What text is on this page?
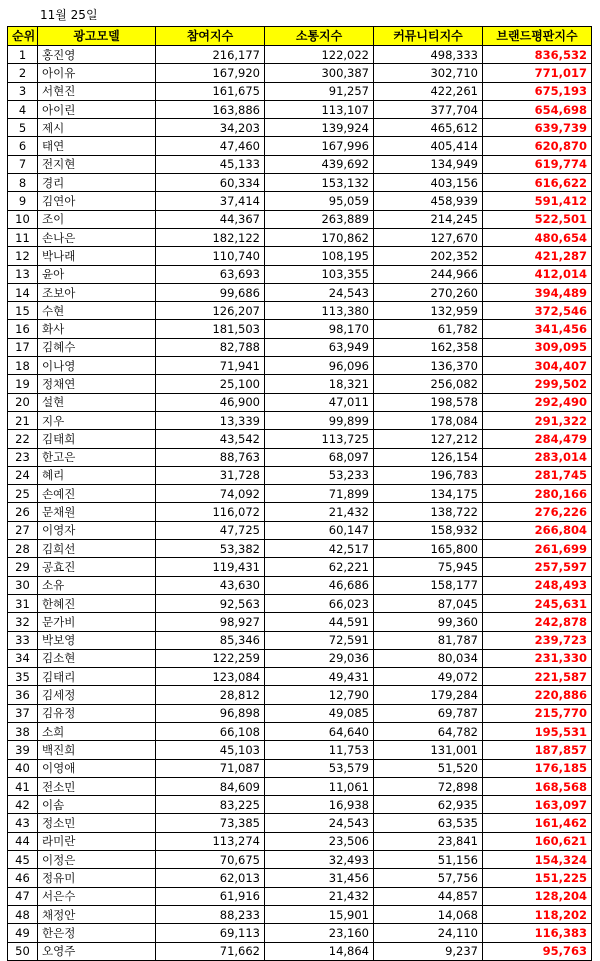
11월 25일
순위	광고모델	참여지수	소통지수	커뮤니티지수	브랜드평판지수
1	홍진영	216,177	122,022	498,333	836,532
2	아이유	167,920	300,387	302,710	771,017
3	서현진	161,675	91,257	422,261	675,193
4	아이린	163,886	113,107	377,704	654,698
5	제시	34,203	139,924	465,612	639,739
6	태연	47,460	167,996	405,414	620,870
7	전지현	45,133	439,692	134,949	619,774
8	경리	60,334	153,132	403,156	616,622
9	김연아	37,414	95,059	458,939	591,412
10	조이	44,367	263,889	214,245	522,501
11	손나은	182,122	170,862	127,670	480,654
12	박나래	110,740	108,195	202,352	421,287
13	윤아	63,693	103,355	244,966	412,014
14	조보아	99,686	24,543	270,260	394,489
15	수현	126,207	113,380	132,959	372,546
16	화사	181,503	98,170	61,782	341,456
17	김혜수	82,788	63,949	162,358	309,095
18	이나영	71,941	96,096	136,370	304,407
19	정채연	25,100	18,321	256,082	299,502
20	설현	46,900	47,011	198,578	292,490
21	지우	13,339	99,899	178,084	291,322
22	김태희	43,542	113,725	127,212	284,479
23	한고은	88,763	68,097	126,154	283,014
24	혜리	31,728	53,233	196,783	281,745
25	손예진	74,092	71,899	134,175	280,166
26	문채원	116,072	21,432	138,722	276,226
27	이영자	47,725	60,147	158,932	266,804
28	김희선	53,382	42,517	165,800	261,699
29	공효진	119,431	62,221	75,945	257,597
30	소유	43,630	46,686	158,177	248,493
31	한혜진	92,563	66,023	87,045	245,631
32	문가비	98,927	44,591	99,360	242,878
33	박보영	85,346	72,591	81,787	239,723
34	김소현	122,259	29,036	80,034	231,330
35	김태리	123,084	49,431	49,072	221,587
36	김세정	28,812	12,790	179,284	220,886
37	김유정	96,898	49,085	69,787	215,770
38	소희	66,108	64,640	64,782	195,531
39	백진희	45,103	11,753	131,001	187,857
40	이영애	71,087	53,579	51,520	176,185
41	전소민	84,609	11,061	72,898	168,568
42	이솜	83,225	16,938	62,935	163,097
43	정소민	73,385	24,543	63,535	161,462
44	라미란	113,274	23,506	23,841	160,621
45	이정은	70,675	32,493	51,156	154,324
46	정유미	62,013	31,456	57,756	151,225
47	서은수	61,916	21,432	44,857	128,204
48	채정안	88,233	15,901	14,068	118,202
49	한은정	69,113	23,160	24,110	116,383
50	오영주	71,662	14,864	9,237	95,763
